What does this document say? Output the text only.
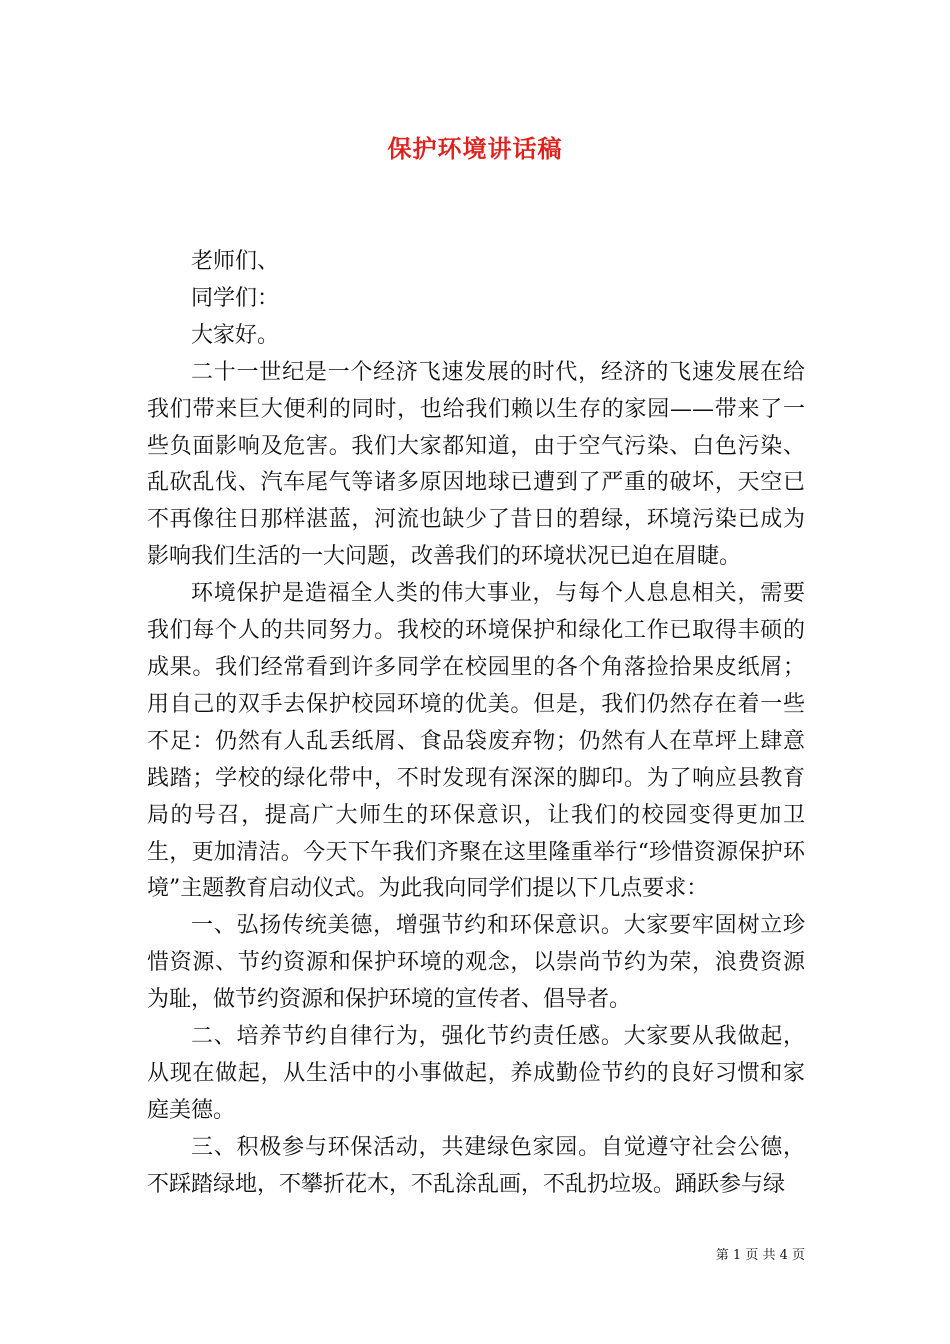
保护环境讲话稿

老师们、

同学们：

大家好。

二十一世纪是一个经济飞速发展的时代，经济的飞速发展在给我们带来巨大便利的同时，也给我们赖以生存的家园——带来了一些负面影响及危害。我们大家都知道，由于空气污染、白色污染、乱砍乱伐、汽车尾气等诸多原因地球已遭到了严重的破坏，天空已不再像往日那样湛蓝，河流也缺少了昔日的碧绿，环境污染已成为影响我们生活的一大问题，改善我们的环境状况已迫在眉睫。

环境保护是造福全人类的伟大事业，与每个人息息相关，需要我们每个人的共同努力。我校的环境保护和绿化工作已取得丰硕的成果。我们经常看到许多同学在校园里的各个角落捡拾果皮纸屑；用自己的双手去保护校园环境的优美。但是，我们仍然存在着一些不足：仍然有人乱丢纸屑、食品袋废弃物；仍然有人在草坪上肆意践踏；学校的绿化带中，不时发现有深深的脚印。为了响应县教育局的号召，提高广大师生的环保意识，让我们的校园变得更加卫生，更加清洁。今天下午我们齐聚在这里隆重举行“珍惜资源保护环境”主题教育启动仪式。为此我向同学们提以下几点要求：

一、弘扬传统美德，增强节约和环保意识。大家要牢固树立珍惜资源、节约资源和保护环境的观念，以崇尚节约为荣，浪费资源为耻，做节约资源和保护环境的宣传者、倡导者。

二、培养节约自律行为，强化节约责任感。大家要从我做起，从现在做起，从生活中的小事做起，养成勤俭节约的良好习惯和家庭美德。

三、积极参与环保活动，共建绿色家园。自觉遵守社会公德，不踩踏绿地，不攀折花木，不乱涂乱画，不乱扔垃圾。踊跃参与绿

第 1 页 共 4 页
